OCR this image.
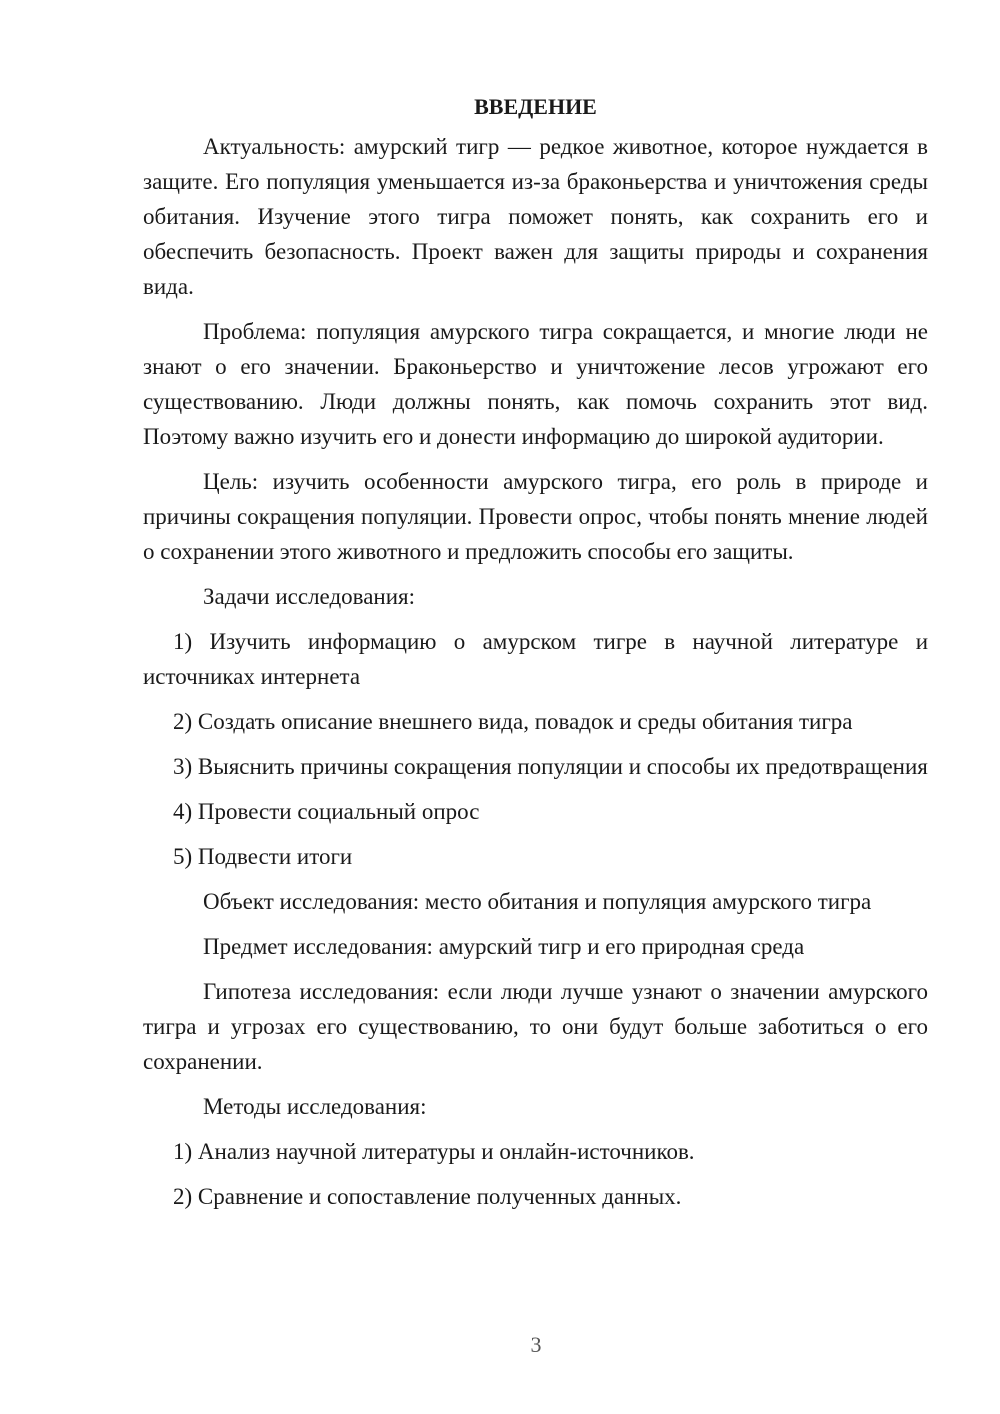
ВВЕДЕНИЕ

Актуальность: амурский тигр — редкое животное, которое нуждается в защите. Его популяция уменьшается из-за браконьерства и уничтожения среды обитания. Изучение этого тигра поможет понять, как сохранить его и обеспечить безопасность. Проект важен для защиты природы и сохранения вида.

Проблема: популяция амурского тигра сокращается, и многие люди не знают о его значении. Браконьерство и уничтожение лесов угрожают его существованию. Люди должны понять, как помочь сохранить этот вид. Поэтому важно изучить его и донести информацию до широкой аудитории.

Цель: изучить особенности амурского тигра, его роль в природе и причины сокращения популяции. Провести опрос, чтобы понять мнение людей о сохранении этого животного и предложить способы его защиты.

Задачи исследования:

1) Изучить информацию о амурском тигре в научной литературе и источниках интернета

2) Создать описание внешнего вида, повадок и среды обитания тигра

3) Выяснить причины сокращения популяции и способы их предотвращения

4) Провести социальный опрос

5) Подвести итоги

Объект исследования: место обитания и популяция амурского тигра

Предмет исследования: амурский тигр и его природная среда

Гипотеза исследования: если люди лучше узнают о значении амурского тигра и угрозах его существованию, то они будут больше заботиться о его сохранении.

Методы исследования:

1) Анализ научной литературы и онлайн-источников.

2) Сравнение и сопоставление полученных данных.

3
